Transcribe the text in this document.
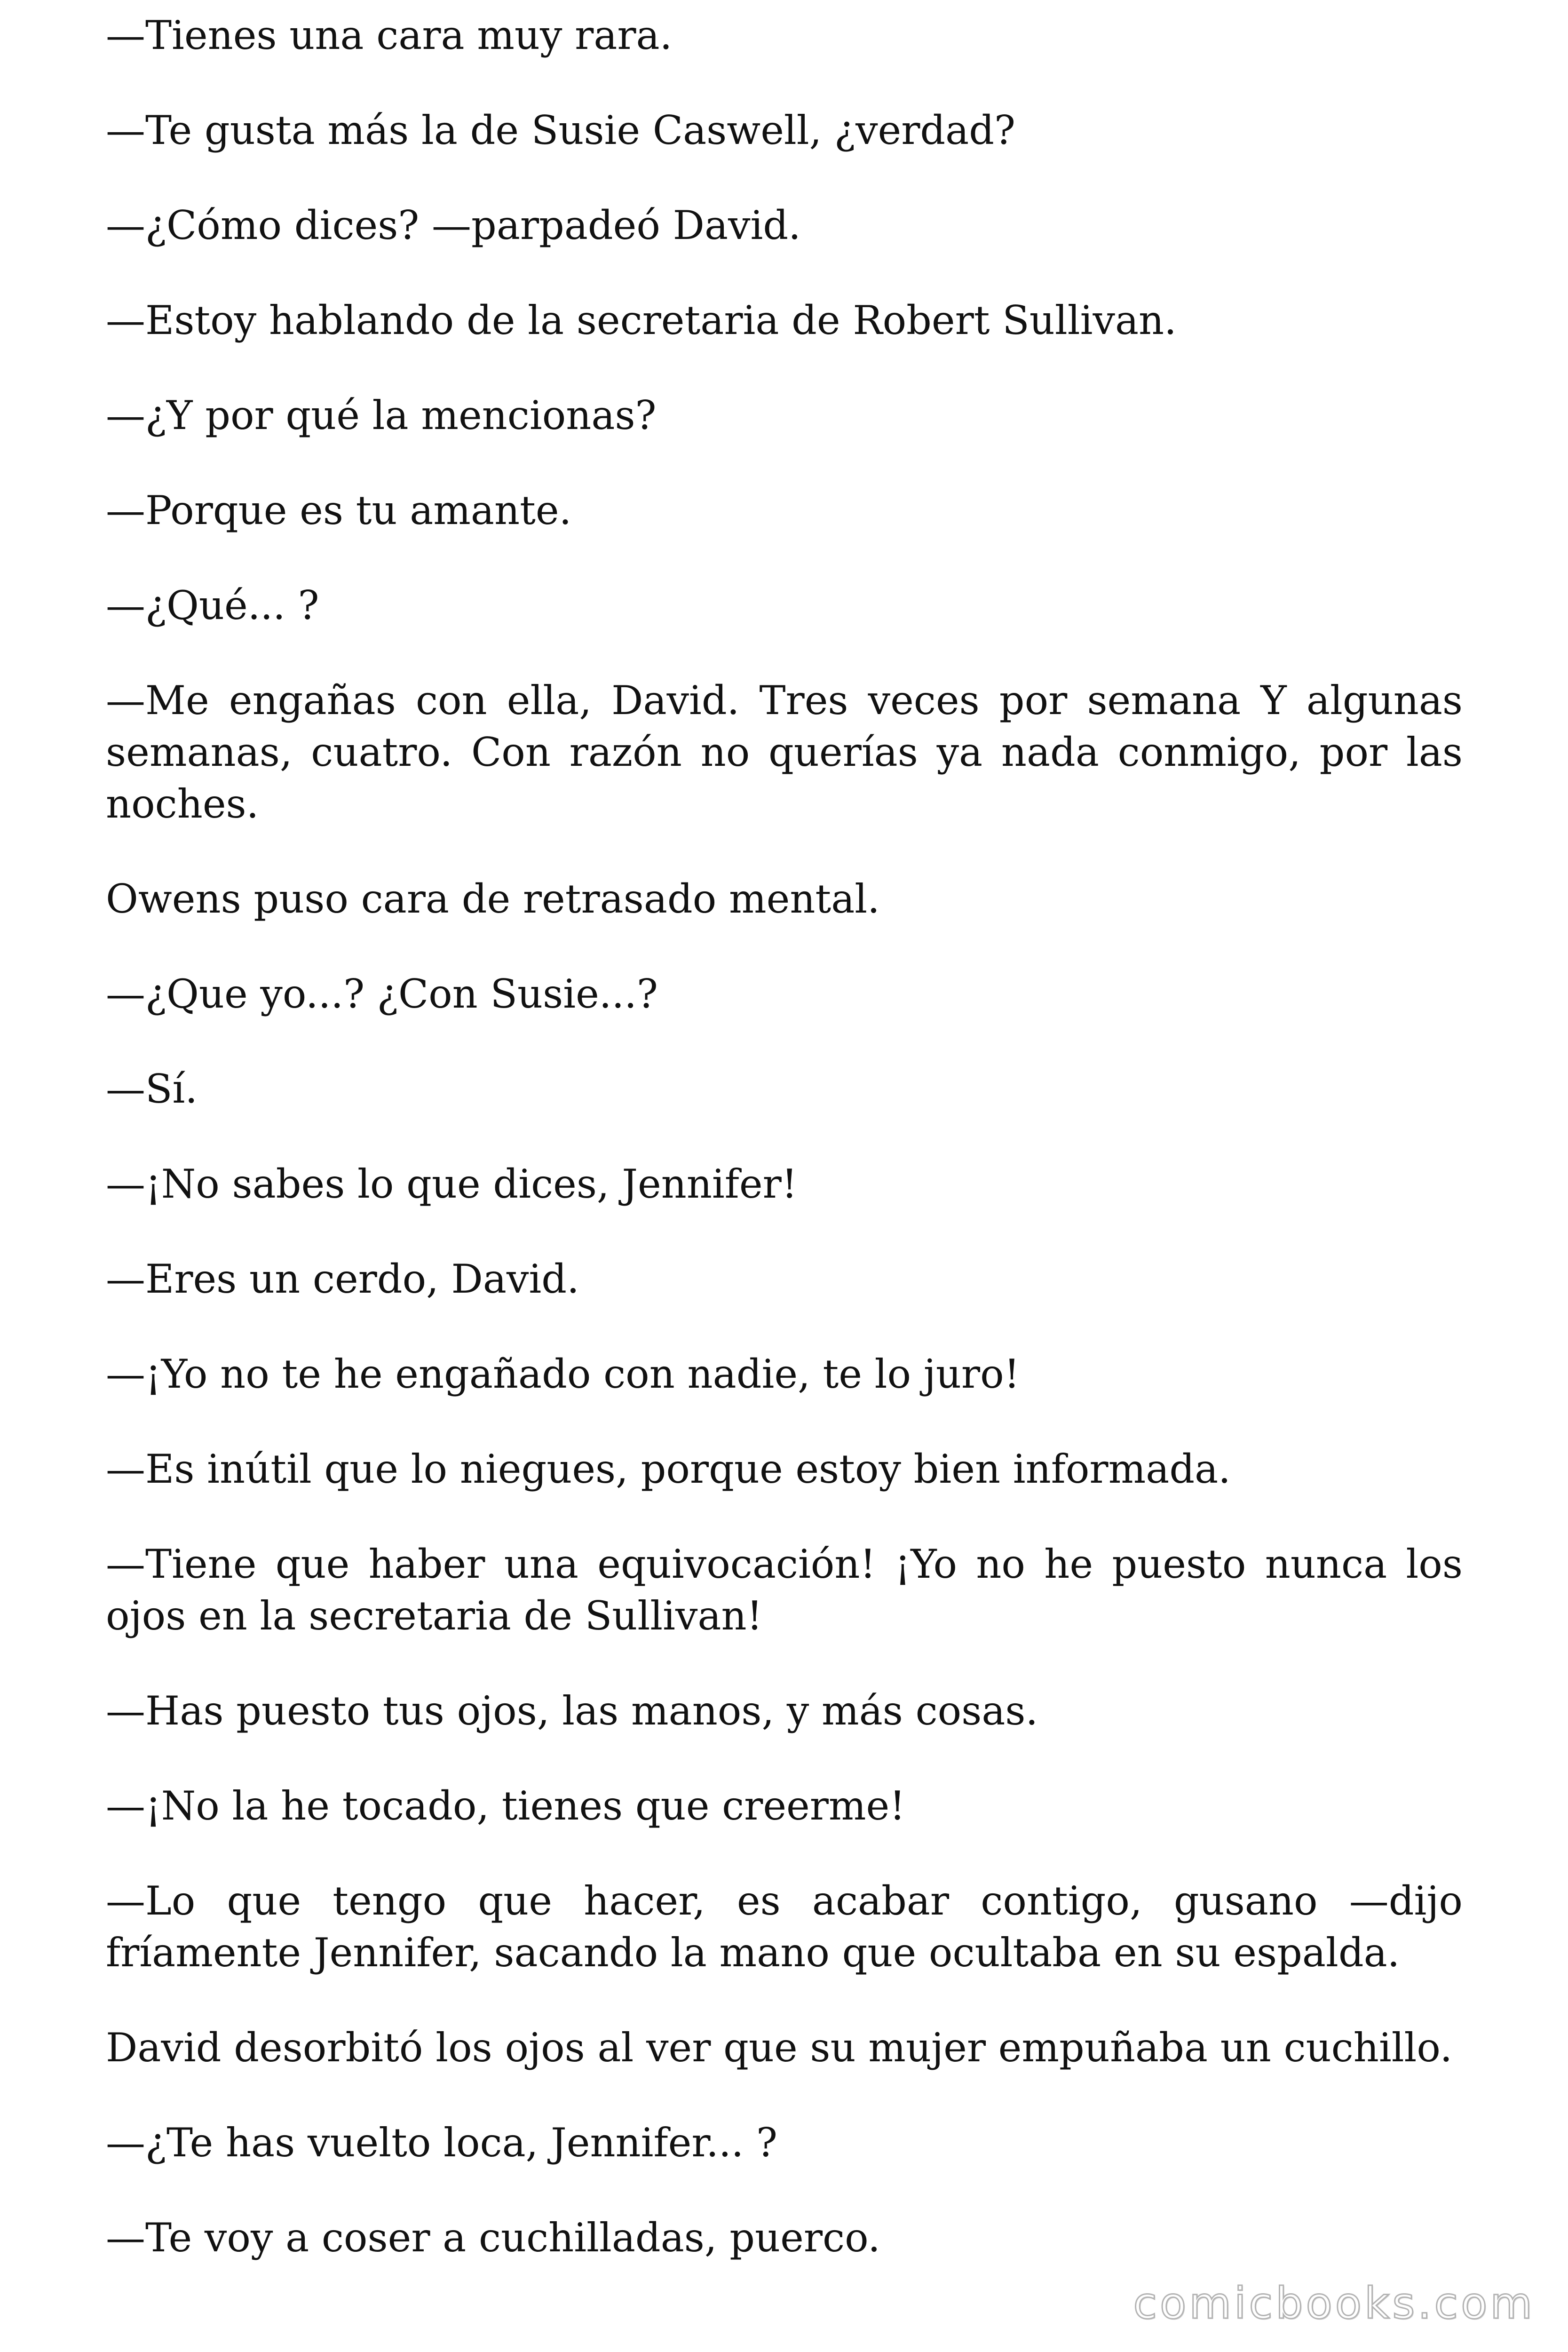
—Tienes una cara muy rara.

—Te gusta más la de Susie Caswell, ¿verdad?

—¿Cómo dices? —parpadeó David.

—Estoy hablando de la secretaria de Robert Sullivan.

—¿Y por qué la mencionas?

—Porque es tu amante.

—¿Qué... ?

—Me engañas con ella, David. Tres veces por semana Y algunas semanas, cuatro. Con razón no querías ya nada conmigo, por las noches.

Owens puso cara de retrasado mental.

—¿Que yo...? ¿Con Susie...?

—Sí.

—¡No sabes lo que dices, Jennifer!

—Eres un cerdo, David.

—¡Yo no te he engañado con nadie, te lo juro!

—Es inútil que lo niegues, porque estoy bien informada.

—Tiene que haber una equivocación! ¡Yo no he puesto nunca los ojos en la secretaria de Sullivan!

—Has puesto tus ojos, las manos, y más cosas.

—¡No la he tocado, tienes que creerme!

—Lo que tengo que hacer, es acabar contigo, gusano —dijo fríamente Jennifer, sacando la mano que ocultaba en su espalda.

David desorbitó los ojos al ver que su mujer empuñaba un cuchillo.

—¿Te has vuelto loca, Jennifer... ?

—Te voy a coser a cuchilladas, puerco.

comicbooks.com
